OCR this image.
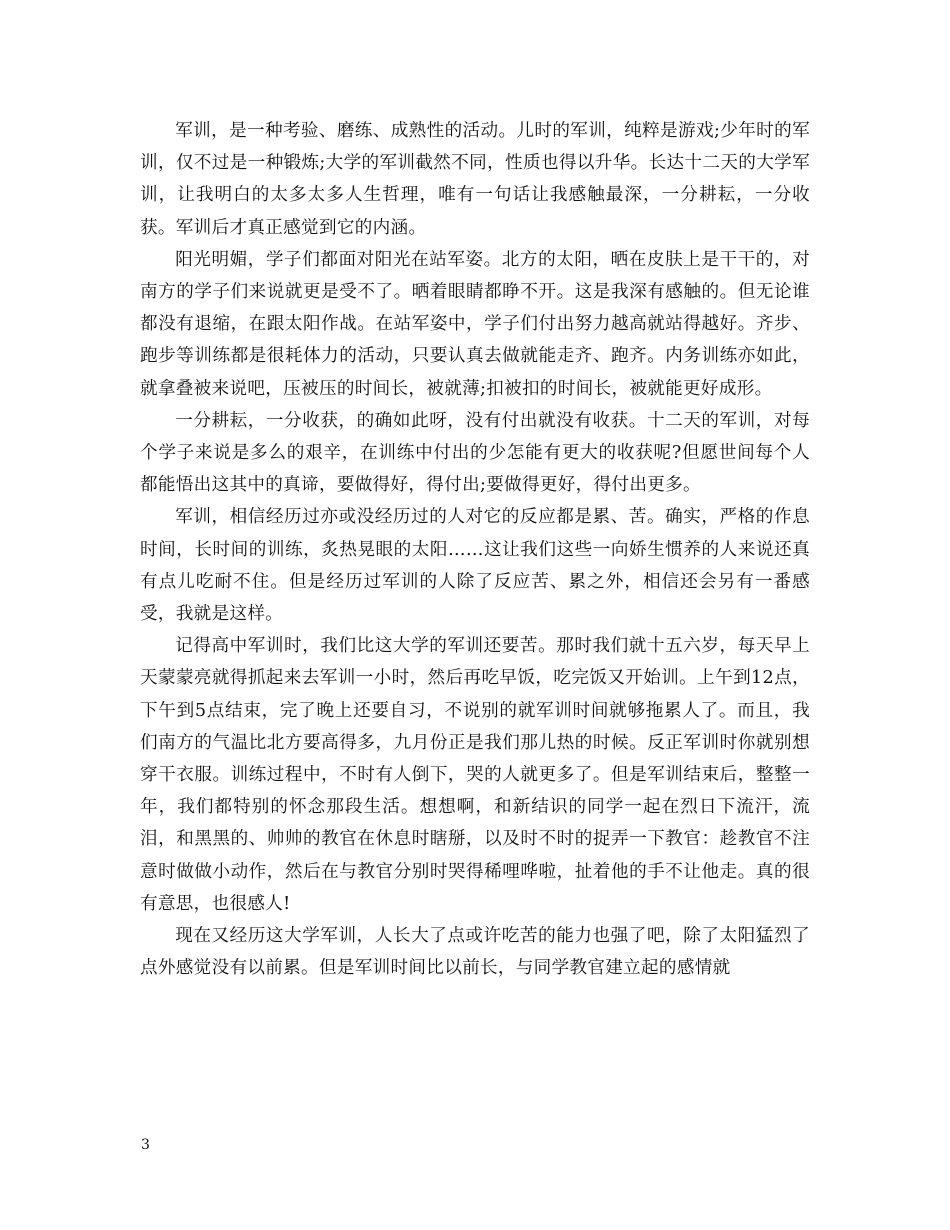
军训，是一种考验、磨练、成熟性的活动。儿时的军训，纯粹是游戏;少年时的军训，仅不过是一种锻炼;大学的军训截然不同，性质也得以升华。长达十二天的大学军训，让我明白的太多太多人生哲理，唯有一句话让我感触最深，一分耕耘，一分收获。军训后才真正感觉到它的内涵。

阳光明媚，学子们都面对阳光在站军姿。北方的太阳，晒在皮肤上是干干的，对南方的学子们来说就更是受不了。晒着眼睛都睁不开。这是我深有感触的。但无论谁都没有退缩，在跟太阳作战。在站军姿中，学子们付出努力越高就站得越好。齐步、跑步等训练都是很耗体力的活动，只要认真去做就能走齐、跑齐。内务训练亦如此，就拿叠被来说吧，压被压的时间长，被就薄;扣被扣的时间长，被就能更好成形。

一分耕耘，一分收获，的确如此呀，没有付出就没有收获。十二天的军训，对每个学子来说是多么的艰辛，在训练中付出的少怎能有更大的收获呢?但愿世间每个人都能悟出这其中的真谛，要做得好，得付出;要做得更好，得付出更多。

军训，相信经历过亦或没经历过的人对它的反应都是累、苦。确实，严格的作息时间，长时间的训练，炙热晃眼的太阳……这让我们这些一向娇生惯养的人来说还真有点儿吃耐不住。但是经历过军训的人除了反应苦、累之外，相信还会另有一番感受，我就是这样。

记得高中军训时，我们比这大学的军训还要苦。那时我们就十五六岁，每天早上天蒙蒙亮就得抓起来去军训一小时，然后再吃早饭，吃完饭又开始训。上午到12点，下午到5点结束，完了晚上还要自习，不说别的就军训时间就够拖累人了。而且，我们南方的气温比北方要高得多，九月份正是我们那儿热的时候。反正军训时你就别想穿干衣服。训练过程中，不时有人倒下，哭的人就更多了。但是军训结束后，整整一年，我们都特别的怀念那段生活。想想啊，和新结识的同学一起在烈日下流汗，流泪，和黑黑的、帅帅的教官在休息时瞎掰，以及时不时的捉弄一下教官：趁教官不注意时做做小动作，然后在与教官分别时哭得稀哩哗啦，扯着他的手不让他走。真的很有意思，也很感人!

现在又经历这大学军训，人长大了点或许吃苦的能力也强了吧，除了太阳猛烈了点外感觉没有以前累。但是军训时间比以前长，与同学教官建立起的感情就

3
